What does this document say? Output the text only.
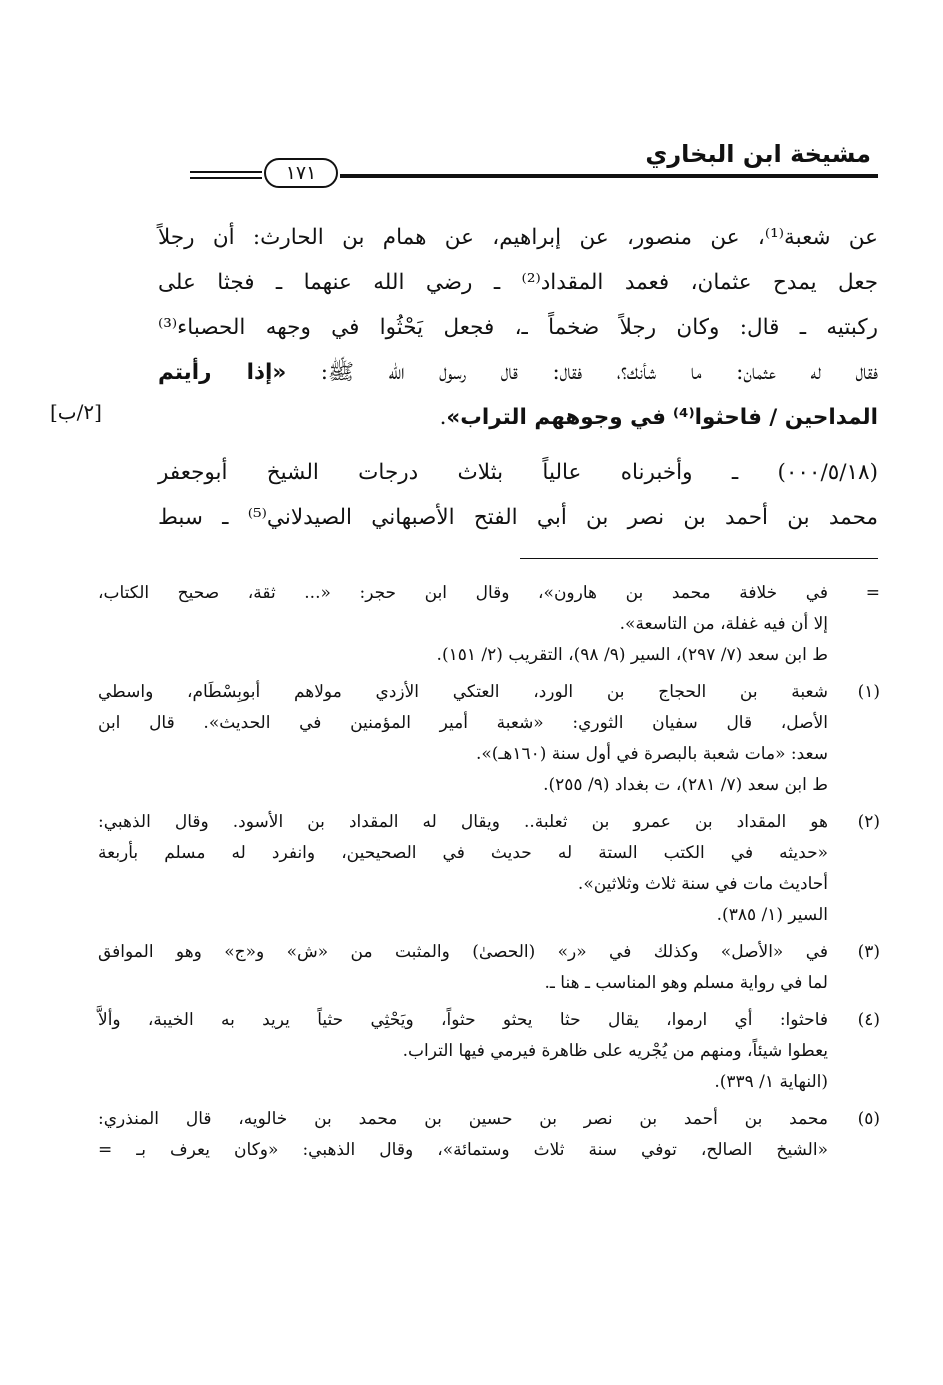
مشيخة ابن البخاري
١٧١
[٢/ب]
عن شعبة⁽¹⁾، عن منصور، عن إبراهيم، عن همام بن الحارث: أن رجلاً
جعل يمدح عثمان، فعمد المقداد⁽²⁾ ـ رضي الله عنهما ـ فجثا على
ركبتيه ـ قال: وكان رجلاً ضخماً ـ، فجعل يَحْثُوا في وجهه الحصباء⁽³⁾
فقال له عثمان: ما شأنك؟، فقال: قال رسول الله ﷺ: «إذا رأيتم
المداحين / فاحثوا⁽⁴⁾ في وجوههم التراب».
(٠٠٠/٥/١٨) ـ وأخبرناه عالياً بثلاث درجات الشيخ أبوجعفر
محمد بن أحمد بن نصر بن أبي الفتح الأصبهاني الصيدلاني⁽⁵⁾ ـ سبط
=
في خلافة محمد بن هارون»، وقال ابن حجر: «... ثقة، صحيح الكتاب،
إلا أن فيه غفلة، من التاسعة».
ط ابن سعد (٧/ ٢٩٧)، السير (٩/ ٩٨)، التقريب (٢/ ١٥١).
(١)
شعبة بن الحجاج بن الورد، العتكي الأزدي مولاهم أبوبِسْطَام، واسطي
الأصل، قال سفيان الثوري: «شعبة أمير المؤمنين في الحديث». قال ابن
سعد: «مات شعبة بالبصرة في أول سنة (١٦٠هـ)».
ط ابن سعد (٧/ ٢٨١)، ت بغداد (٩/ ٢٥٥).
(٢)
هو المقداد بن عمرو بن ثعلبة.. ويقال له المقداد بن الأسود. وقال الذهبي:
«حديثه في الكتب الستة له حديث في الصحيحين، وانفرد له مسلم بأربعة
أحاديث مات في سنة ثلاث وثلاثين».
السير (١/ ٣٨٥).
(٣)
في «الأصل» وكذلك في «ر» (الحصىٰ) والمثبت من «ش» و«ج» وهو الموافق
لما في رواية مسلم وهو المناسب ـ هنا ـ.
(٤)
فاحثوا: أي ارموا، يقال حثا يحثو حثواً، ويَحْثِي حثياً يريد به الخيبة، وألاَّ
يعطوا شيئاً، ومنهم من يُجْريه على ظاهرة فيرمي فيها التراب.
(النهاية ١/ ٣٣٩).
(٥)
محمد بن أحمد بن نصر بن حسين بن محمد بن خالويه، قال المنذري:
«الشيخ الصالح، توفي سنة ثلاث وستمائة»، وقال الذهبي: «وكان يعرف بـ =
